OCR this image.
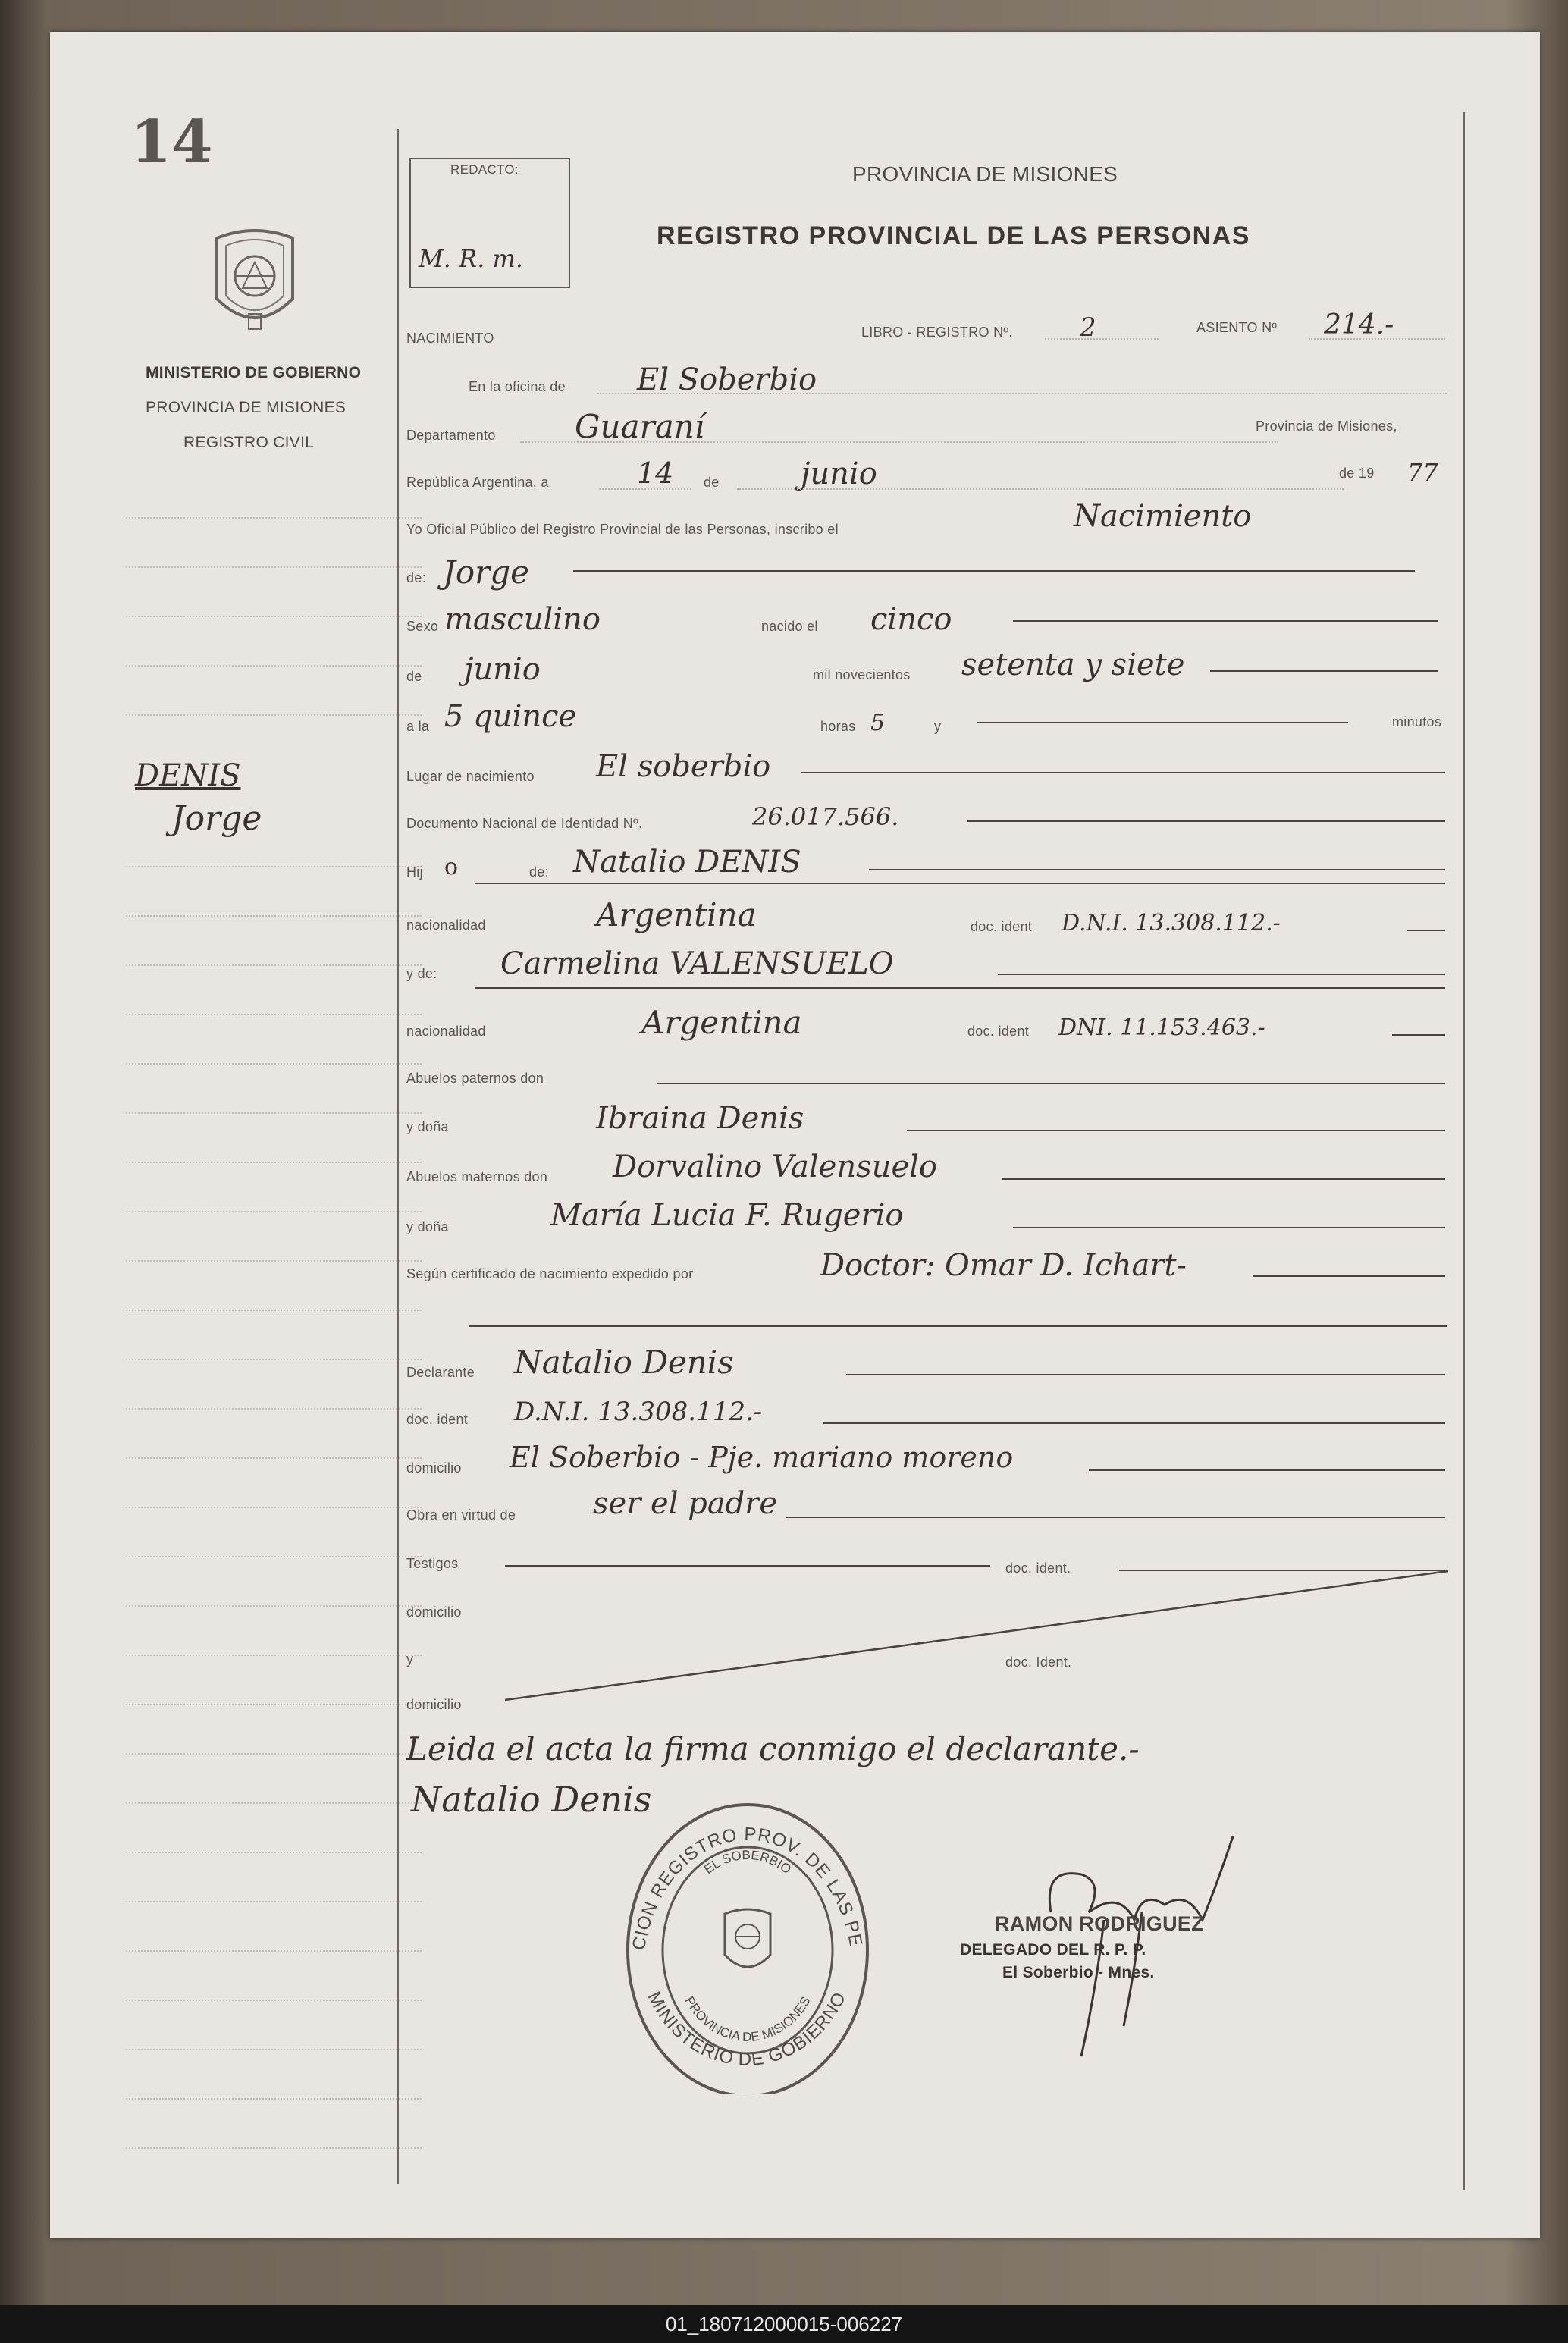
14
MINISTERIO DE GOBIERNO
PROVINCIA DE MISIONES
REGISTRO CIVIL
DENIS
Jorge
REDACTO:
M. R. m.
PROVINCIA DE MISIONES
REGISTRO PROVINCIAL DE LAS PERSONAS
NACIMIENTO	LIBRO - REGISTRO Nº.	2	ASIENTO Nº 214.-
En la oficina de El Soberbio
Departamento Guaraní	Provincia de Misiones,
República Argentina, a	14 de	junio	de 19 77
Yo Oficial Público del Registro Provincial de las Personas, inscribo el	Nacimiento
de: Jorge
Sexo masculino	nacido el cinco
de junio	mil novecientos setenta y siete
a la 5 quince	horas 5	y	minutos
Lugar de nacimiento El soberbio
Documento Nacional de Identidad Nº.	26.017.566.
Hij o	de: Natalio DENIS
nacionalidad	Argentina	doc. ident D.N.I. 13.308.112.-
y de: Carmelina VALENSUELO
nacionalidad	Argentina	doc. ident DNI. 11.153.463.-
Abuelos paternos don
y doña	Ibraina Denis
Abuelos maternos don Dorvalino Valensuelo
y doña	María Lucia F. Rugerio
Según certificado de nacimiento expedido por	Doctor: Omar D. Ichart-
Declarante Natalio Denis
doc. ident D.N.I. 13.308.112.-
domicilio El Soberbio - Pje. mariano moreno
Obra en virtud de	ser el padre
Testigos	doc. ident.
domicilio
y	doc. Ident.
domicilio
Leida el acta la firma conmigo el declarante.-
Natalio Denis
CION REGISTRO PROV. DE LAS PE
MINISTERIO DE GOBIERNO
EL SOBERBIO
PROVINCIA DE MISIONES
RAMON RODRIGUEZ
DELEGADO DEL R. P. P.
El Soberbio - Mnes.
01_180712000015-006227
